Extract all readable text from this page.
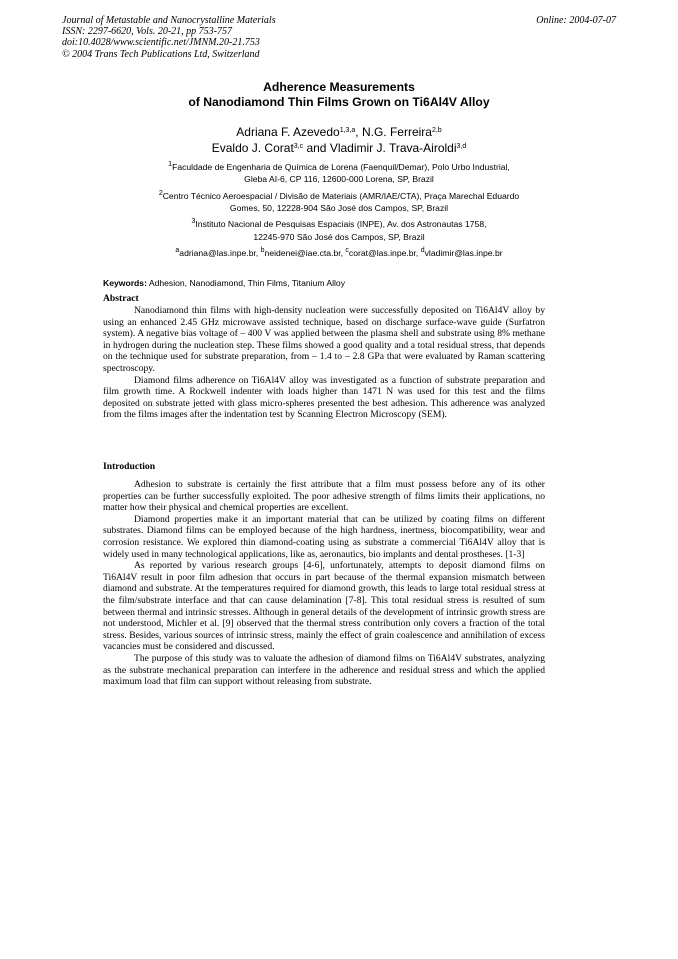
Journal of Metastable and Nanocrystalline Materials
ISSN: 2297-6620, Vols. 20-21, pp 753-757
doi:10.4028/www.scientific.net/JMNM.20-21.753
© 2004 Trans Tech Publications Ltd, Switzerland
Online: 2004-07-07
Adherence Measurements
of Nanodiamond Thin Films Grown on Ti6Al4V Alloy
Adriana F. Azevedo$^{1,3,a}$, N.G. Ferreira$^{2,b}$
Evaldo J. Corat$^{3,c}$ and Vladimir J. Trava-Airoldi$^{3,d}$
$^1$Faculdade de Engenharia de Química de Lorena (Faenquil/Demar), Polo Urbo Industrial,
Gleba AI-6, CP 116, 12600-000 Lorena, SP, Brazil
$^2$Centro Técnico Aeroespacial / Divisão de Materiais (AMR/IAE/CTA), Praça Marechal Eduardo
Gomes, 50, 12228-904 São José dos Campos, SP, Brazil
$^3$Instituto Nacional de Pesquisas Espaciais (INPE), Av. dos Astronautas 1758,
12245-970 São José dos Campos, SP, Brazil
$^a$adriana@las.inpe.br, $^b$neidenei@iae.cta.br, $^c$corat@las.inpe.br, $^d$vladimir@las.inpe.br
Keywords: Adhesion, Nanodiamond, Thin Films, Titanium Alloy
Abstract

Nanodiamond thin films with high-density nucleation were successfully deposited on Ti6Al4V alloy by using an enhanced 2.45 GHz microwave assisted technique, based on discharge surface-wave guide (Surfatron system). A negative bias voltage of – 400 V was applied between the plasma shell and substrate using 8% methane in hydrogen during the nucleation step. These films showed a good quality and a total residual stress, that depends on the technique used for substrate preparation, from – 1.4 to – 2.8 GPa that were evaluated by Raman scattering spectroscopy.

Diamond films adherence on Ti6Al4V alloy was investigated as a function of substrate preparation and film growth time. A Rockwell indenter with loads higher than 1471 N was used for this test and the films deposited on substrate jetted with glass micro-spheres presented the best adhesion. This adherence was analyzed from the films images after the indentation test by Scanning Electron Microscopy (SEM).

Introduction

Adhesion to substrate is certainly the first attribute that a film must possess before any of its other properties can be further successfully exploited. The poor adhesive strength of films limits their applications, no matter how their physical and chemical properties are excellent.

Diamond properties make it an important material that can be utilized by coating films on different substrates. Diamond films can be employed because of the high hardness, inertness, biocompatibility, wear and corrosion resistance. We explored thin diamond-coating using as substrate a commercial Ti6Al4V alloy that is widely used in many technological applications, like as, aeronautics, bio implants and dental prostheses. [1-3]

As reported by various research groups [4-6], unfortunately, attempts to deposit diamond films on Ti6Al4V result in poor film adhesion that occurs in part because of the thermal expansion mismatch between diamond and substrate. At the temperatures required for diamond growth, this leads to large total residual stress at the film/substrate interface and that can cause delamination [7-8]. This total residual stress is resulted of sum between thermal and intrinsic stresses. Although in general details of the development of intrinsic growth stress are not understood, Michler et al. [9] observed that the thermal stress contribution only covers a fraction of the total stress. Besides, various sources of intrinsic stress, mainly the effect of grain coalescence and annihilation of excess vacancies must be considered and discussed.

The purpose of this study was to valuate the adhesion of diamond films on Ti6Al4V substrates, analyzing as the substrate mechanical preparation can interfere in the adherence and residual stress and which the applied maximum load that film can support without releasing from substrate.
